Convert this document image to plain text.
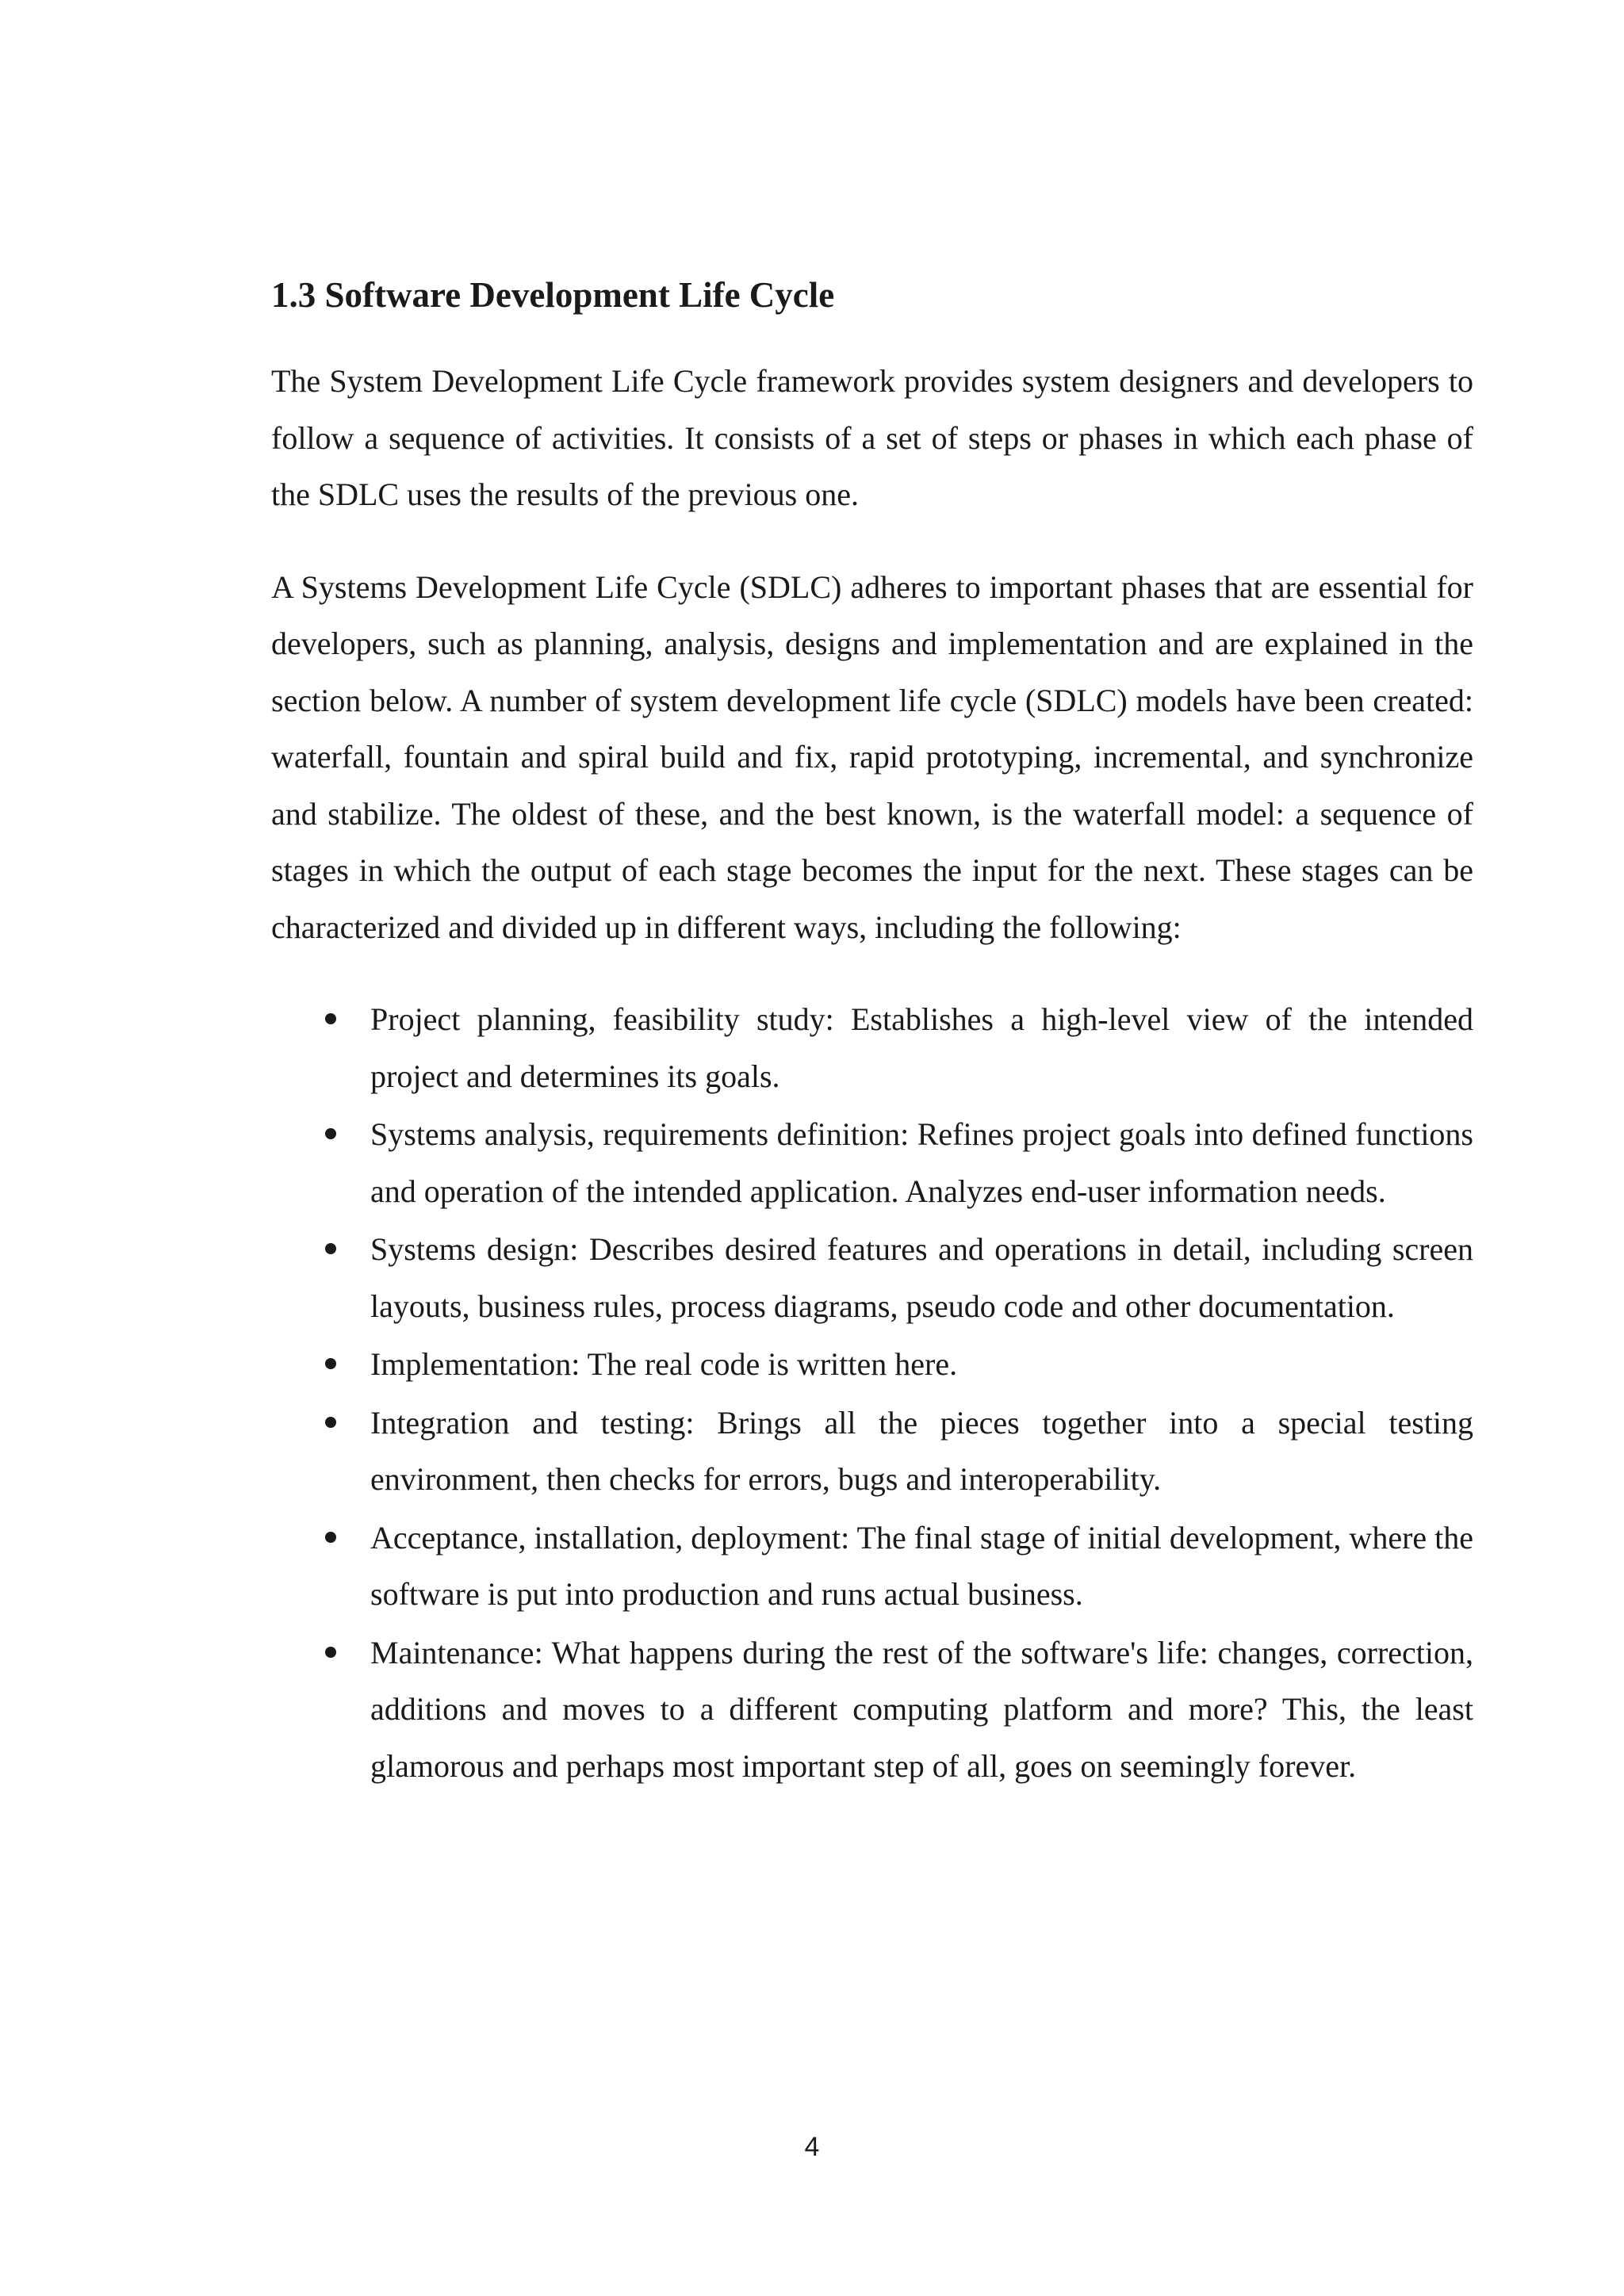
1.3 Software Development Life Cycle

The System Development Life Cycle framework provides system designers and developers to follow a sequence of activities. It consists of a set of steps or phases in which each phase of the SDLC uses the results of the previous one.

A Systems Development Life Cycle (SDLC) adheres to important phases that are essential for developers, such as planning, analysis, designs and implementation and are explained in the section below. A number of system development life cycle (SDLC) models have been created: waterfall, fountain and spiral build and fix, rapid prototyping, incremental, and synchronize and stabilize. The oldest of these, and the best known, is the waterfall model: a sequence of stages in which the output of each stage becomes the input for the next. These stages can be characterized and divided up in different ways, including the following:

Project planning, feasibility study: Establishes a high-level view of the intended project and determines its goals.
Systems analysis, requirements definition: Refines project goals into defined functions and operation of the intended application. Analyzes end-user information needs.
Systems design: Describes desired features and operations in detail, including screen layouts, business rules, process diagrams, pseudo code and other documentation.
Implementation: The real code is written here.
Integration and testing: Brings all the pieces together into a special testing environment, then checks for errors, bugs and interoperability.
Acceptance, installation, deployment: The final stage of initial development, where the software is put into production and runs actual business.
Maintenance: What happens during the rest of the software's life: changes, correction, additions and moves to a different computing platform and more? This, the least glamorous and perhaps most important step of all, goes on seemingly forever.
4
